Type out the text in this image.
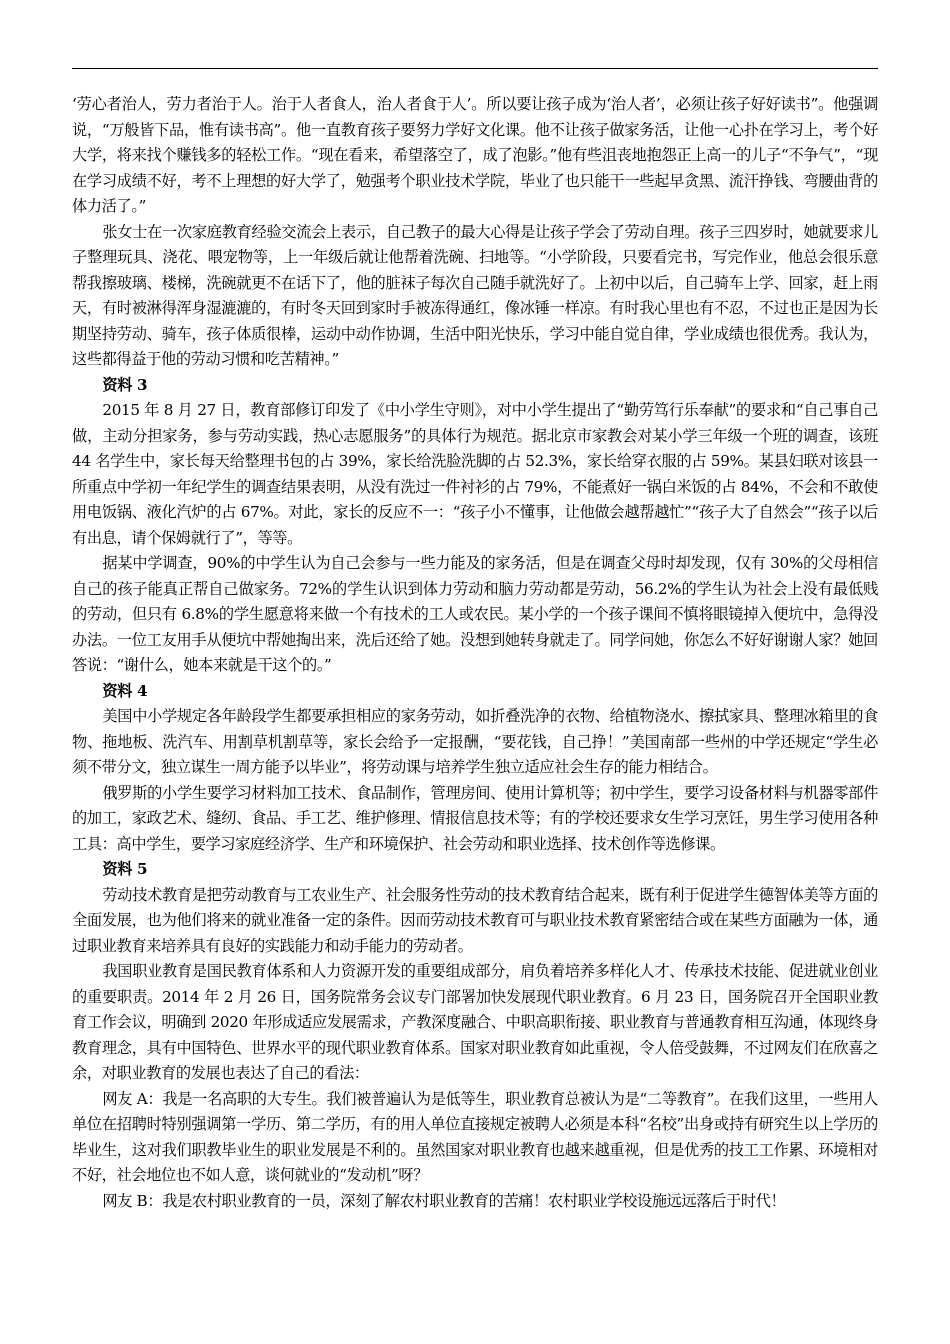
‘劳心者治人，劳力者治于人。治于人者食人，治人者食于人’。所以要让孩子成为‘治人者’，必须让孩子好好读书”。他强调说，“万般皆下品，惟有读书高”。他一直教育孩子要努力学好文化课。他不让孩子做家务活，让他一心扑在学习上，考个好大学，将来找个赚钱多的轻松工作。“现在看来，希望落空了，成了泡影。”他有些沮丧地抱怨正上高一的儿子“不争气”，“现在学习成绩不好，考不上理想的好大学了，勉强考个职业技术学院，毕业了也只能干一些起早贪黑、流汗挣钱、弯腰曲背的体力活了。”

张女士在一次家庭教育经验交流会上表示，自己教子的最大心得是让孩子学会了劳动自理。孩子三四岁时，她就要求儿子整理玩具、浇花、喂宠物等，上一年级后就让他帮着洗碗、扫地等。“小学阶段，只要看完书，写完作业，他总会很乐意帮我擦玻璃、楼梯，洗碗就更不在话下了，他的脏袜子每次自己随手就洗好了。上初中以后，自己骑车上学、回家，赶上雨天，有时被淋得浑身湿漉漉的，有时冬天回到家时手被冻得通红，像冰锤一样凉。有时我心里也有不忍，不过也正是因为长期坚持劳动、骑车，孩子体质很棒，运动中动作协调，生活中阳光快乐，学习中能自觉自律，学业成绩也很优秀。我认为，这些都得益于他的劳动习惯和吃苦精神。”

资料 3

2015 年 8 月 27 日，教育部修订印发了《中小学生守则》，对中小学生提出了“勤劳笃行乐奉献”的要求和“自己事自己做，主动分担家务，参与劳动实践，热心志愿服务”的具体行为规范。据北京市家教会对某小学三年级一个班的调查，该班 44 名学生中，家长每天给整理书包的占 39%，家长给洗脸洗脚的占 52.3%，家长给穿衣服的占 59%。某县妇联对该县一所重点中学初一年纪学生的调查结果表明，从没有洗过一件衬衫的占 79%，不能煮好一锅白米饭的占 84%，不会和不敢使用电饭锅、液化汽炉的占 67%。对此，家长的反应不一：“孩子小不懂事，让他做会越帮越忙”“孩子大了自然会”“孩子以后有出息，请个保姆就行了”，等等。

据某中学调查，90%的中学生认为自己会参与一些力能及的家务活，但是在调查父母时却发现，仅有 30%的父母相信自己的孩子能真正帮自己做家务。72%的学生认识到体力劳动和脑力劳动都是劳动，56.2%的学生认为社会上没有最低贱的劳动，但只有 6.8%的学生愿意将来做一个有技术的工人或农民。某小学的一个孩子课间不慎将眼镜掉入便坑中，急得没办法。一位工友用手从便坑中帮她掏出来，洗后还给了她。没想到她转身就走了。同学问她，你怎么不好好谢谢人家？她回答说：“谢什么，她本来就是干这个的。”

资料 4

美国中小学规定各年龄段学生都要承担相应的家务劳动，如折叠洗净的衣物、给植物浇水、擦拭家具、整理冰箱里的食物、拖地板、洗汽车、用割草机割草等，家长会给予一定报酬，“要花钱，自己挣！”美国南部一些州的中学还规定“学生必须不带分文，独立谋生一周方能予以毕业”，将劳动课与培养学生独立适应社会生存的能力相结合。

俄罗斯的小学生要学习材料加工技术、食品制作，管理房间、使用计算机等；初中学生，要学习设备材料与机器零部件的加工，家政艺术、缝纫、食品、手工艺、维护修理、情报信息技术等；有的学校还要求女生学习烹饪，男生学习使用各种工具：高中学生，要学习家庭经济学、生产和环境保护、社会劳动和职业选择、技术创作等选修课。

资料 5

劳动技术教育是把劳动教育与工农业生产、社会服务性劳动的技术教育结合起来，既有利于促进学生德智体美等方面的全面发展，也为他们将来的就业准备一定的条件。因而劳动技术教育可与职业技术教育紧密结合或在某些方面融为一体，通过职业教育来培养具有良好的实践能力和动手能力的劳动者。

我国职业教育是国民教育体系和人力资源开发的重要组成部分，肩负着培养多样化人才、传承技术技能、促进就业创业的重要职责。2014 年 2 月 26 日，国务院常务会议专门部署加快发展现代职业教育。6 月 23 日，国务院召开全国职业教育工作会议，明确到 2020 年形成适应发展需求，产教深度融合、中职高职衔接、职业教育与普通教育相互沟通，体现终身教育理念，具有中国特色、世界水平的现代职业教育体系。国家对职业教育如此重视，令人倍受鼓舞，不过网友们在欣喜之余，对职业教育的发展也表达了自己的看法：

网友 A：我是一名高职的大专生。我们被普遍认为是低等生，职业教育总被认为是“二等教育”。在我们这里，一些用人单位在招聘时特别强调第一学历、第二学历，有的用人单位直接规定被聘人必须是本科“名校”出身或持有研究生以上学历的毕业生，这对我们职教毕业生的职业发展是不利的。虽然国家对职业教育也越来越重视，但是优秀的技工工作累、环境相对不好，社会地位也不如人意，谈何就业的“发动机”呀？

网友 B：我是农村职业教育的一员，深刻了解农村职业教育的苦痛！农村职业学校设施远远落后于时代！
